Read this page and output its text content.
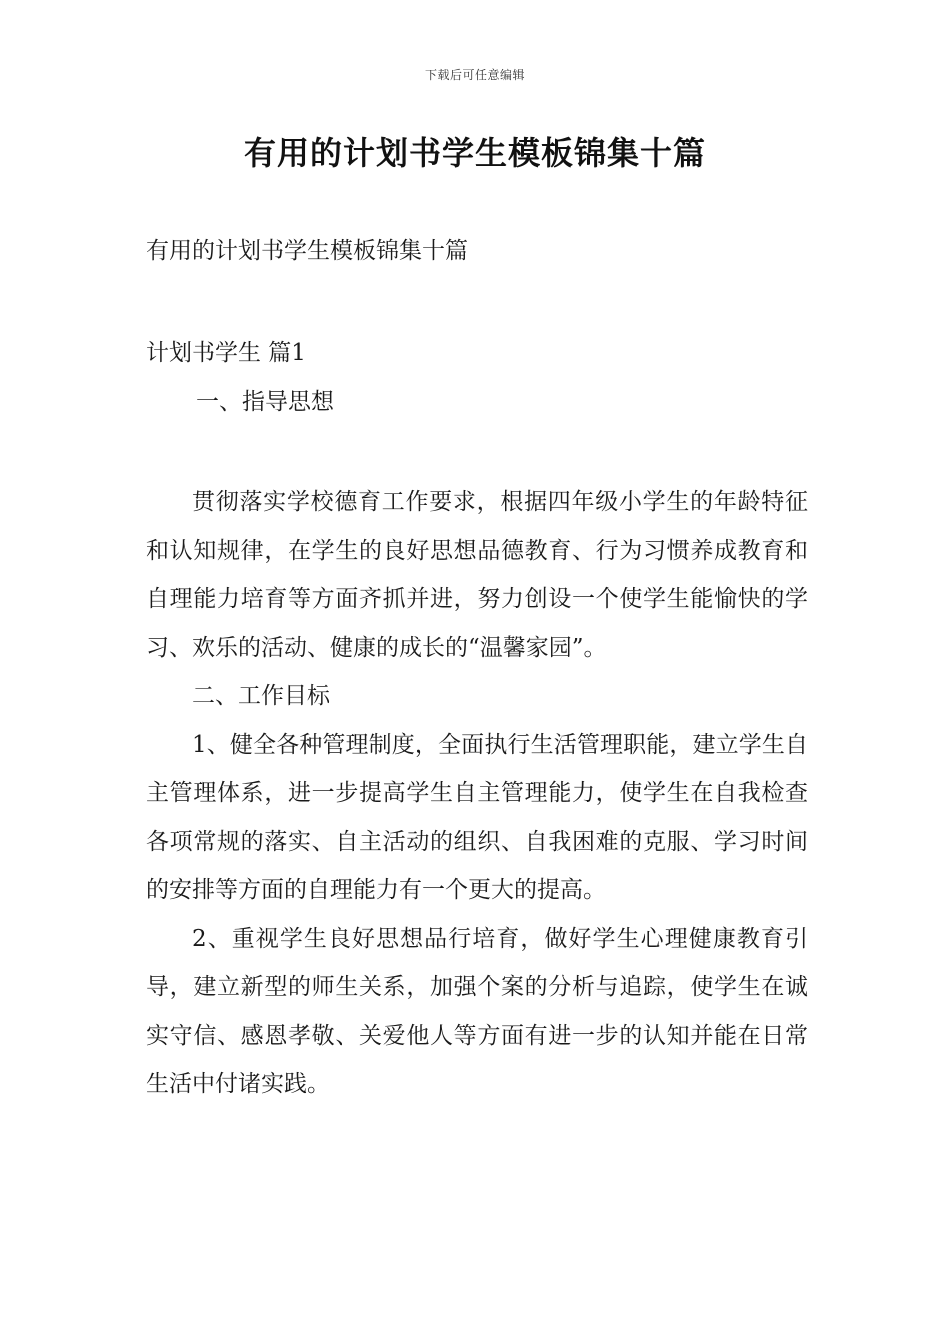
下载后可任意编辑
有用的计划书学生模板锦集十篇
有用的计划书学生模板锦集十篇
计划书学生 篇1
一、指导思想

贯彻落实学校德育工作要求，根据四年级小学生的年龄特征和认知规律，在学生的良好思想品德教育、行为习惯养成教育和自理能力培育等方面齐抓并进，努力创设一个使学生能愉快的学习、欢乐的活动、健康的成长的“温馨家园”。

二、工作目标

1、健全各种管理制度，全面执行生活管理职能，建立学生自主管理体系，进一步提高学生自主管理能力，使学生在自我检查各项常规的落实、自主活动的组织、自我困难的克服、学习时间的安排等方面的自理能力有一个更大的提高。

2、重视学生良好思想品行培育，做好学生心理健康教育引导，建立新型的师生关系，加强个案的分析与追踪，使学生在诚实守信、感恩孝敬、关爱他人等方面有进一步的认知并能在日常生活中付诸实践。
